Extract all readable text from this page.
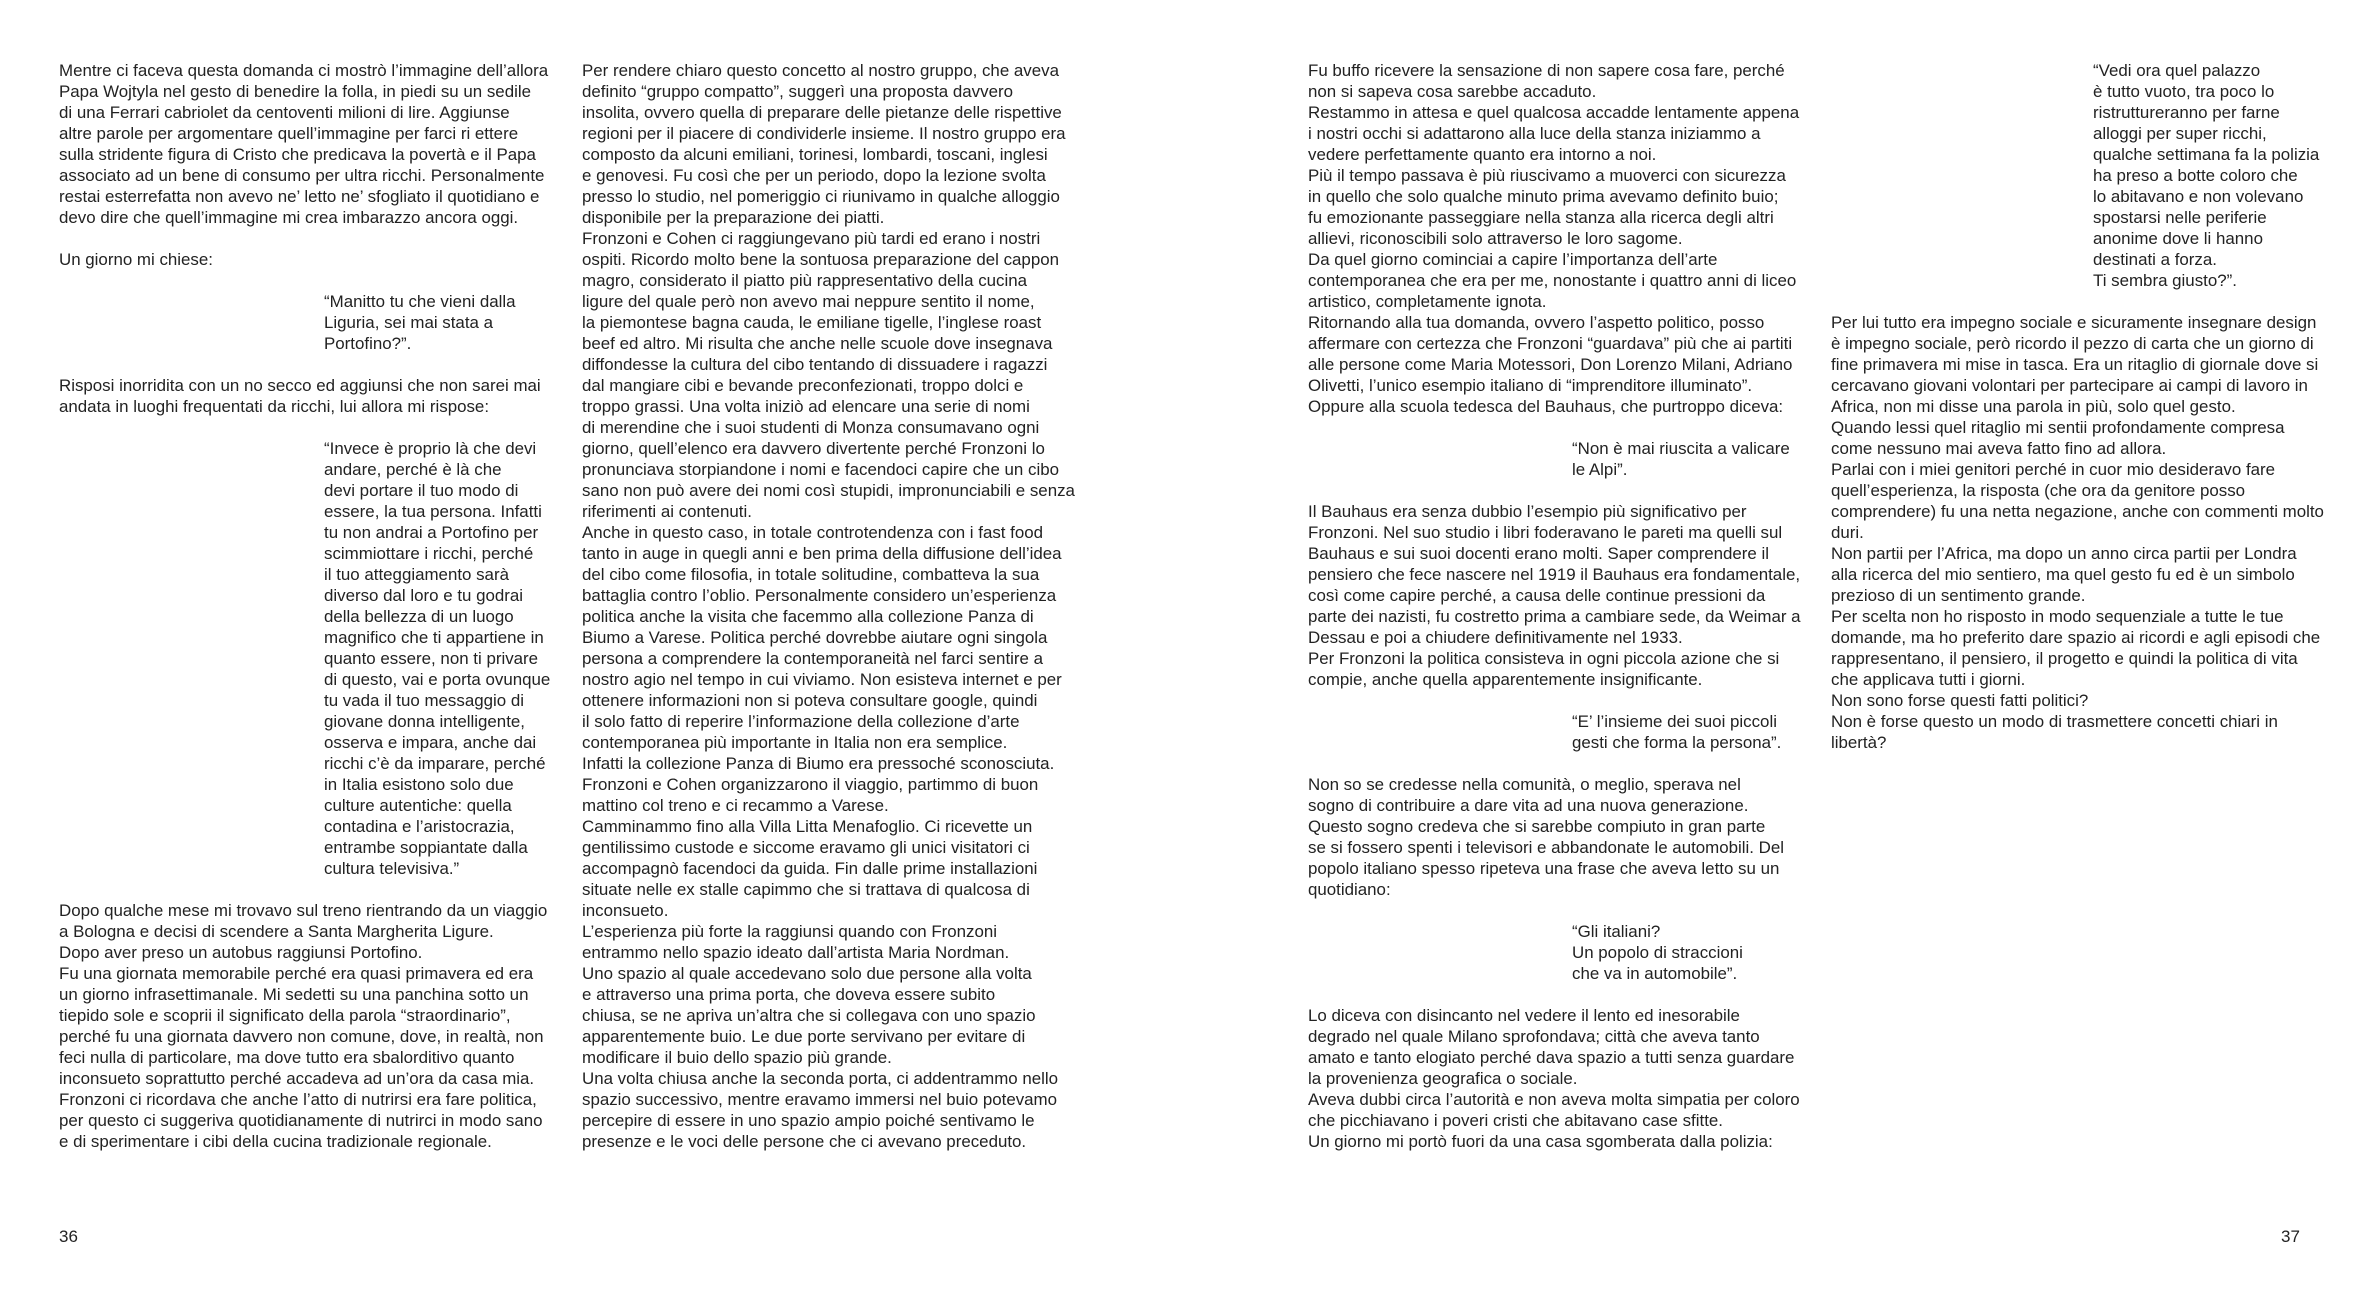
Mentre ci faceva questa domanda ci mostrò l’immagine dell’allora
Papa Wojtyla nel gesto di benedire la folla, in piedi su un sedile
di una Ferrari cabriolet da centoventi milioni di lire. Aggiunse
altre parole per argomentare quell’immagine per farci ri ettere
sulla stridente figura di Cristo che predicava la povertà e il Papa
associato ad un bene di consumo per ultra ricchi. Personalmente
restai esterrefatta non avevo ne’ letto ne’ sfogliato il quotidiano e
devo dire che quell’immagine mi crea imbarazzo ancora oggi.

Un giorno mi chiese:

“Manitto tu che vieni dalla
Liguria, sei mai stata a
Portofino?”.

Risposi inorridita con un no secco ed aggiunsi che non sarei mai
andata in luoghi frequentati da ricchi, lui allora mi rispose:

“Invece è proprio là che devi
andare, perché è là che
devi portare il tuo modo di
essere, la tua persona. Infatti
tu non andrai a Portofino per
scimmiottare i ricchi, perché
il tuo atteggiamento sarà
diverso dal loro e tu godrai
della bellezza di un luogo
magnifico che ti appartiene in
quanto essere, non ti privare
di questo, vai e porta ovunque
tu vada il tuo messaggio di
giovane donna intelligente,
osserva e impara, anche dai
ricchi c’è da imparare, perché
in Italia esistono solo due
culture autentiche: quella
contadina e l’aristocrazia,
entrambe soppiantate dalla
cultura televisiva.”

Dopo qualche mese mi trovavo sul treno rientrando da un viaggio
a Bologna e decisi di scendere a Santa Margherita Ligure.
Dopo aver preso un autobus raggiunsi Portofino.
Fu una giornata memorabile perché era quasi primavera ed era
un giorno infrasettimanale. Mi sedetti su una panchina sotto un
tiepido sole e scoprii il significato della parola “straordinario”,
perché fu una giornata davvero non comune, dove, in realtà, non
feci nulla di particolare, ma dove tutto era sbalorditivo quanto
inconsueto soprattutto perché accadeva ad un’ora da casa mia.
Fronzoni ci ricordava che anche l’atto di nutrirsi era fare politica,
per questo ci suggeriva quotidianamente di nutrirci in modo sano
e di sperimentare i cibi della cucina tradizionale regionale.

Per rendere chiaro questo concetto al nostro gruppo, che aveva
definito “gruppo compatto”, suggerì una proposta davvero
insolita, ovvero quella di preparare delle pietanze delle rispettive
regioni per il piacere di condividerle insieme. Il nostro gruppo era
composto da alcuni emiliani, torinesi, lombardi, toscani, inglesi
e genovesi. Fu così che per un periodo, dopo la lezione svolta
presso lo studio, nel pomeriggio ci riunivamo in qualche alloggio
disponibile per la preparazione dei piatti.
Fronzoni e Cohen ci raggiungevano più tardi ed erano i nostri
ospiti. Ricordo molto bene la sontuosa preparazione del cappon
magro, considerato il piatto più rappresentativo della cucina
ligure del quale però non avevo mai neppure sentito il nome,
la piemontese bagna cauda, le emiliane tigelle, l’inglese roast
beef ed altro. Mi risulta che anche nelle scuole dove insegnava
diffondesse la cultura del cibo tentando di dissuadere i ragazzi
dal mangiare cibi e bevande preconfezionati, troppo dolci e
troppo grassi. Una volta iniziò ad elencare una serie di nomi
di merendine che i suoi studenti di Monza consumavano ogni
giorno, quell’elenco era davvero divertente perché Fronzoni lo
pronunciava storpiandone i nomi e facendoci capire che un cibo
sano non può avere dei nomi così stupidi, impronunciabili e senza
riferimenti ai contenuti.
Anche in questo caso, in totale controtendenza con i fast food
tanto in auge in quegli anni e ben prima della diffusione dell’idea
del cibo come filosofia, in totale solitudine, combatteva la sua
battaglia contro l’oblio. Personalmente considero un’esperienza
politica anche la visita che facemmo alla collezione Panza di
Biumo a Varese. Politica perché dovrebbe aiutare ogni singola
persona a comprendere la contemporaneità nel farci sentire a
nostro agio nel tempo in cui viviamo. Non esisteva internet e per
ottenere informazioni non si poteva consultare google, quindi
il solo fatto di reperire l’informazione della collezione d’arte
contemporanea più importante in Italia non era semplice.
Infatti la collezione Panza di Biumo era pressoché sconosciuta.
Fronzoni e Cohen organizzarono il viaggio, partimmo di buon
mattino col treno e ci recammo a Varese.
Camminammo fino alla Villa Litta Menafoglio. Ci ricevette un
gentilissimo custode e siccome eravamo gli unici visitatori ci
accompagnò facendoci da guida. Fin dalle prime installazioni
situate nelle ex stalle capimmo che si trattava di qualcosa di
inconsueto.
L’esperienza più forte la raggiunsi quando con Fronzoni
entrammo nello spazio ideato dall’artista Maria Nordman.
Uno spazio al quale accedevano solo due persone alla volta
e attraverso una prima porta, che doveva essere subito
chiusa, se ne apriva un’altra che si collegava con uno spazio
apparentemente buio. Le due porte servivano per evitare di
modificare il buio dello spazio più grande.
Una volta chiusa anche la seconda porta, ci addentrammo nello
spazio successivo, mentre eravamo immersi nel buio potevamo
percepire di essere in uno spazio ampio poiché sentivamo le
presenze e le voci delle persone che ci avevano preceduto.

36

Fu buffo ricevere la sensazione di non sapere cosa fare, perché
non si sapeva cosa sarebbe accaduto.
Restammo in attesa e quel qualcosa accadde lentamente appena
i nostri occhi si adattarono alla luce della stanza iniziammo a
vedere perfettamente quanto era intorno a noi.
Più il tempo passava è più riuscivamo a muoverci con sicurezza
in quello che solo qualche minuto prima avevamo definito buio;
fu emozionante passeggiare nella stanza alla ricerca degli altri
allievi, riconoscibili solo attraverso le loro sagome.
Da quel giorno cominciai a capire l’importanza dell’arte
contemporanea che era per me, nonostante i quattro anni di liceo
artistico, completamente ignota.
Ritornando alla tua domanda, ovvero l’aspetto politico, posso
affermare con certezza che Fronzoni “guardava” più che ai partiti
alle persone come Maria Motessori, Don Lorenzo Milani, Adriano
Olivetti, l’unico esempio italiano di “imprenditore illuminato”.
Oppure alla scuola tedesca del Bauhaus, che purtroppo diceva:

“Non è mai riuscita a valicare
le Alpi”.

Il Bauhaus era senza dubbio l’esempio più significativo per
Fronzoni. Nel suo studio i libri foderavano le pareti ma quelli sul
Bauhaus e sui suoi docenti erano molti. Saper comprendere il
pensiero che fece nascere nel 1919 il Bauhaus era fondamentale,
così come capire perché, a causa delle continue pressioni da
parte dei nazisti, fu costretto prima a cambiare sede, da Weimar a
Dessau e poi a chiudere definitivamente nel 1933.
Per Fronzoni la politica consisteva in ogni piccola azione che si
compie, anche quella apparentemente insignificante.

“E’ l’insieme dei suoi piccoli
gesti che forma la persona”.

Non so se credesse nella comunità, o meglio, sperava nel
sogno di contribuire a dare vita ad una nuova generazione.
Questo sogno credeva che si sarebbe compiuto in gran parte
se si fossero spenti i televisori e abbandonate le automobili. Del
popolo italiano spesso ripeteva una frase che aveva letto su un
quotidiano:

“Gli italiani?
Un popolo di straccioni
che va in automobile”.

Lo diceva con disincanto nel vedere il lento ed inesorabile
degrado nel quale Milano sprofondava; città che aveva tanto
amato e tanto elogiato perché dava spazio a tutti senza guardare
la provenienza geografica o sociale.
Aveva dubbi circa l’autorità e non aveva molta simpatia per coloro
che picchiavano i poveri cristi che abitavano case sfitte.
Un giorno mi portò fuori da una casa sgomberata dalla polizia:

“Vedi ora quel palazzo
è tutto vuoto, tra poco lo
ristruttureranno per farne
alloggi per super ricchi,
qualche settimana fa la polizia
ha preso a botte coloro che
lo abitavano e non volevano
spostarsi nelle periferie
anonime dove li hanno
destinati a forza.
Ti sembra giusto?”.

Per lui tutto era impegno sociale e sicuramente insegnare design
è impegno sociale, però ricordo il pezzo di carta che un giorno di
fine primavera mi mise in tasca. Era un ritaglio di giornale dove si
cercavano giovani volontari per partecipare ai campi di lavoro in
Africa, non mi disse una parola in più, solo quel gesto.
Quando lessi quel ritaglio mi sentii profondamente compresa
come nessuno mai aveva fatto fino ad allora.
Parlai con i miei genitori perché in cuor mio desideravo fare
quell’esperienza, la risposta (che ora da genitore posso
comprendere) fu una netta negazione, anche con commenti molto
duri.
Non partii per l’Africa, ma dopo un anno circa partii per Londra
alla ricerca del mio sentiero, ma quel gesto fu ed è un simbolo
prezioso di un sentimento grande.
Per scelta non ho risposto in modo sequenziale a tutte le tue
domande, ma ho preferito dare spazio ai ricordi e agli episodi che
rappresentano, il pensiero, il progetto e quindi la politica di vita
che applicava tutti i giorni.
Non sono forse questi fatti politici?
Non è forse questo un modo di trasmettere concetti chiari in
libertà?

37
